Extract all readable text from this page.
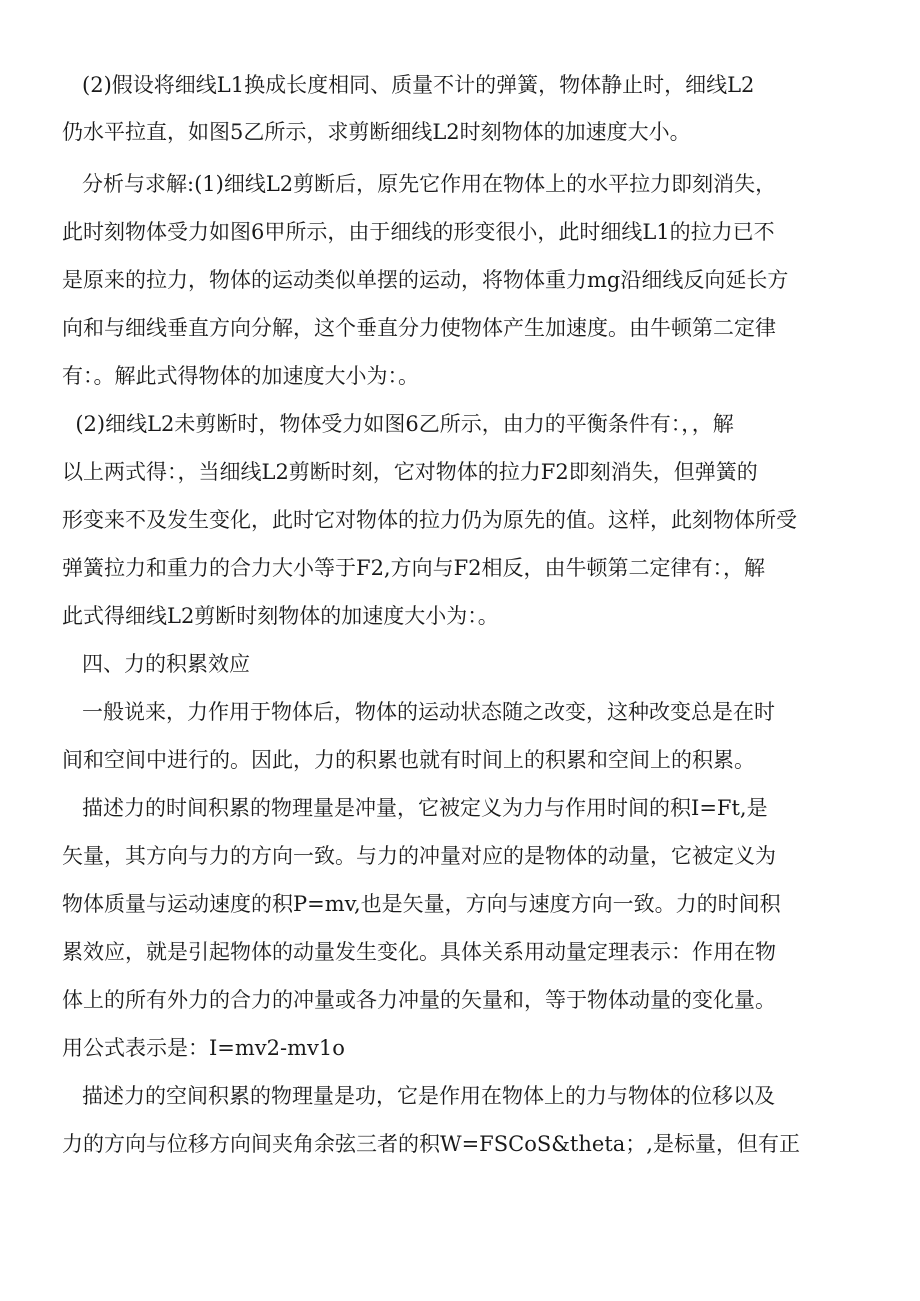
(2)假设将细线L1换成长度相同、质量不计的弹簧，物体静止时，细线L2
仍水平拉直，如图5乙所示，求剪断细线L2时刻物体的加速度大小。
分析与求解:(1)细线L2剪断后，原先它作用在物体上的水平拉力即刻消失，
此时刻物体受力如图6甲所示，由于细线的形变很小，此时细线L1的拉力已不
是原来的拉力，物体的运动类似单摆的运动，将物体重力mg沿细线反向延长方
向和与细线垂直方向分解，这个垂直分力使物体产生加速度。由牛顿第二定律
有：。解此式得物体的加速度大小为：。
(2)细线L2未剪断时，物体受力如图6乙所示，由力的平衡条件有：，，解
以上两式得：，当细线L2剪断时刻，它对物体的拉力F2即刻消失，但弹簧的
形变来不及发生变化，此时它对物体的拉力仍为原先的值。这样，此刻物体所受
弹簧拉力和重力的合力大小等于F2,方向与F2相反，由牛顿第二定律有：，解
此式得细线L2剪断时刻物体的加速度大小为：。
四、力的积累效应
一般说来，力作用于物体后，物体的运动状态随之改变，这种改变总是在时
间和空间中进行的。因此，力的积累也就有时间上的积累和空间上的积累。
描述力的时间积累的物理量是冲量，它被定义为力与作用时间的积I=Ft,是
矢量，其方向与力的方向一致。与力的冲量对应的是物体的动量，它被定义为
物体质量与运动速度的积P=mv,也是矢量，方向与速度方向一致。力的时间积
累效应，就是引起物体的动量发生变化。具体关系用动量定理表示：作用在物
体上的所有外力的合力的冲量或各力冲量的矢量和，等于物体动量的变化量。
用公式表示是：I=mv2-mv1o
描述力的空间积累的物理量是功，它是作用在物体上的力与物体的位移以及
力的方向与位移方向间夹角余弦三者的积W=FSCoS&theta；,是标量，但有正
